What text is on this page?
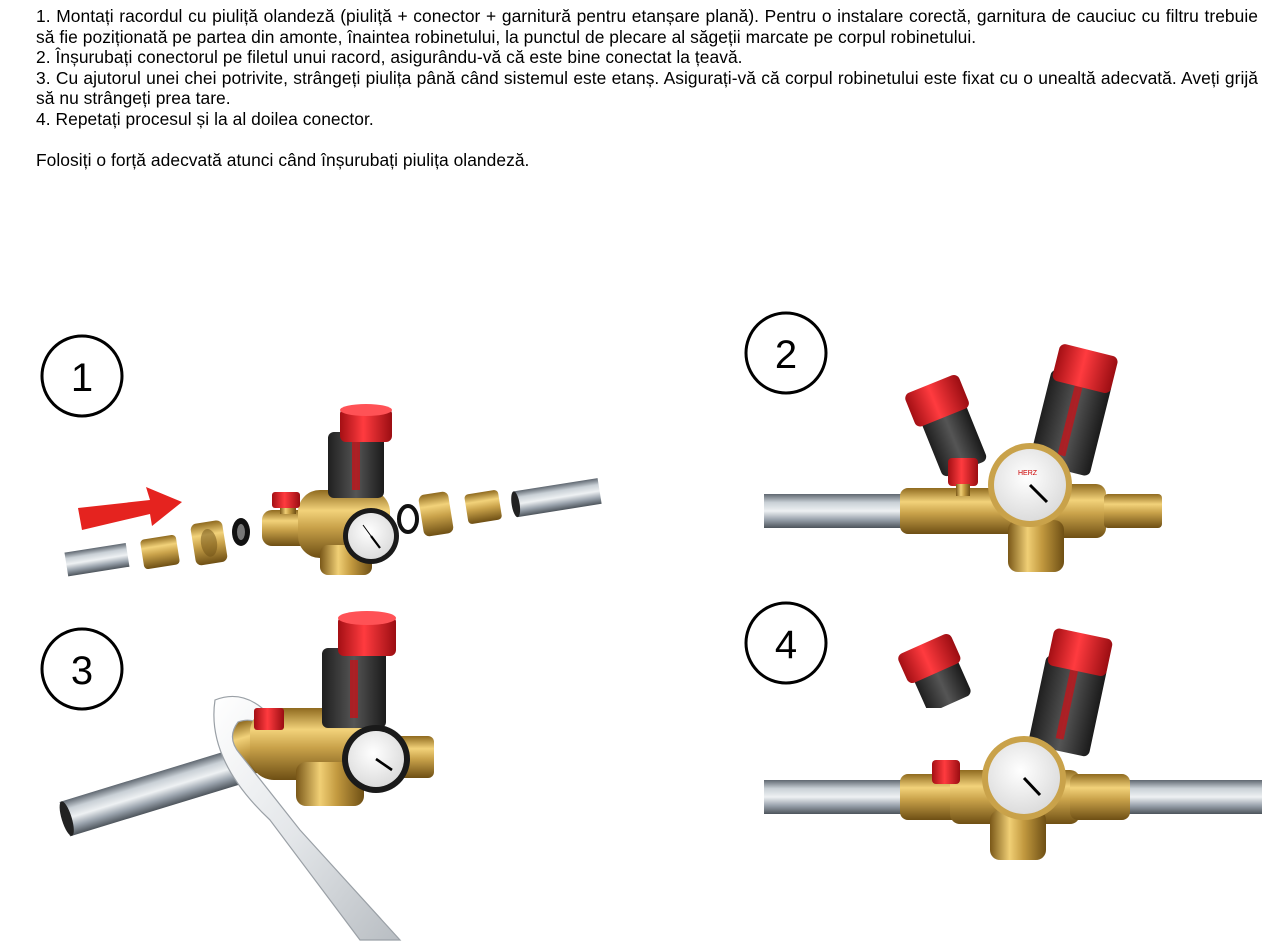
1. Montați racordul cu piuliță olandeză (piuliță + conector + garnitură pentru etanșare plană). Pentru o instalare corectă, garnitura de cauciuc cu filtru trebuie să fie poziționată pe partea din amonte, înaintea robinetului, la punctul de plecare al săgeții marcate pe corpul robinetului.

2. Înșurubați conectorul pe filetul unui racord, asigurându-vă că este bine conectat la țeavă.

3. Cu ajutorul unei chei potrivite, strângeți piulița până când sistemul este etanș. Asigurați-vă că corpul robinetului este fixat cu o unealtă adecvată. Aveți grijă să nu strângeți prea tare.

4. Repetați procesul și la al doilea conector.

Folosiți o forță adecvată atunci când înșurubați piulița olandeză.

1
2
HERZ
3
4
